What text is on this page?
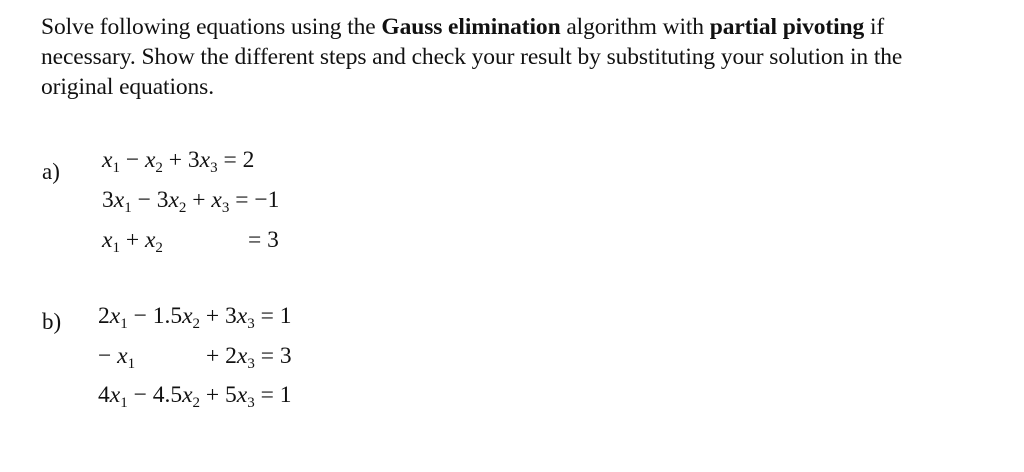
Solve following equations using the Gauss elimination algorithm with partial pivoting if necessary. Show the different steps and check your result by substituting your solution in the original equations.
a) $x_1 - x_2 + 3x_3 = 2$
$3x_1 - 3x_2 + x_3 = -1$
$x_1 + x_2$	= 3
b) $2x_1 - 1.5x_2 + 3x_3 = 1$
− $x_1$	+ $2x_3 = 3$
$4x_1 - 4.5x_2 + 5x_3 = 1$
